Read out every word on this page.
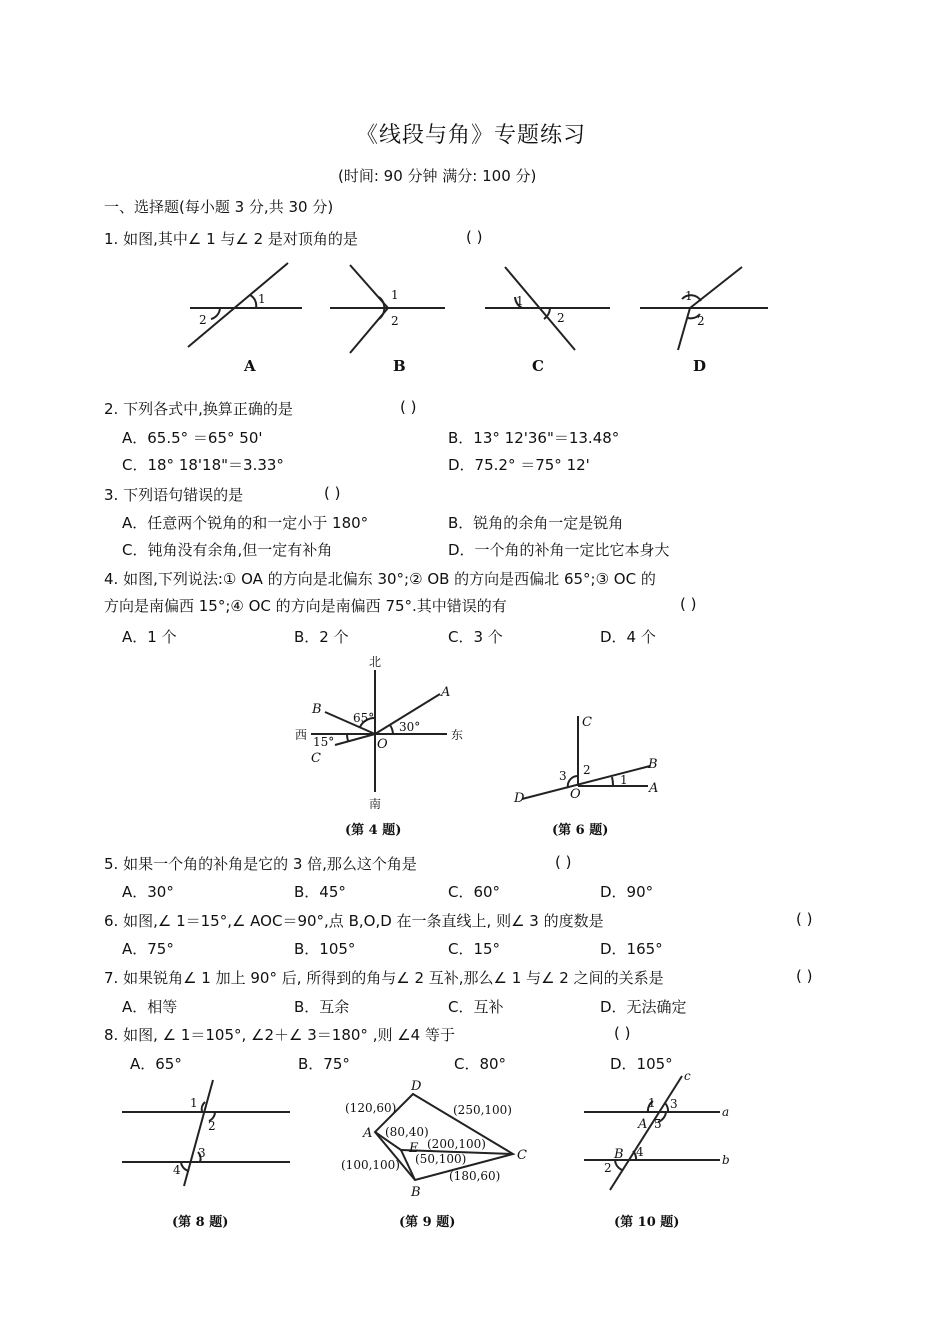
《线段与角》专题练习
(时间: 90 分钟 满分: 100 分)
一、选择题(每小题 3 分,共 30 分)
1. 如图,其中∠ 1 与∠ 2 是对顶角的是	( )
1
2
A
1
2
B
1
2
C
1
2
D
2. 下列各式中,换算正确的是	( )
A．65.5° ＝65° 50'	B．13° 12'36"＝13.48°
C．18° 18'18"＝3.33°	D．75.2° ＝75° 12'
3. 下列语句错误的是	( )
A．任意两个锐角的和一定小于 180°	B．锐角的余角一定是锐角
C．钝角没有余角,但一定有补角	D．一个角的补角一定比它本身大
4. 如图,下列说法:① OA 的方向是北偏东 30°;② OB 的方向是西偏北 65°;③ OC 的
方向是南偏西 15°;④ OC 的方向是南偏西 75°.其中错误的有	( )
A．1 个	B．2 个	C．3 个	D．4 个
北
南
东
西
A
B
C
O
65°
30°
15°
(第 4 题)
C
B
A
D	O
1
2
3
(第 6 题)
5. 如果一个角的补角是它的 3 倍,那么这个角是	( )
A．30°	B．45°	C．60°	D．90°
6. 如图,∠ 1＝15°,∠ AOC＝90°,点 B,O,D 在一条直线上, 则∠ 3 的度数是	( )
A．75°	B．105°	C．15°	D．165°
7. 如果锐角∠ 1 加上 90° 后, 所得到的角与∠ 2 互补,那么∠ 1 与∠ 2 之间的关系是	( )
A．相等	B．互余	C．互补	D．无法确定
8. 如图, ∠ 1＝105°, ∠2＋∠ 3＝180° ,则 ∠4 等于	( )
A．65°	B．75°	C．80°	D．105°
1
2
3
4
(第 8 题)
D
A
E
B
C
(120,60)	(250,100)
(80,40)
(200,100)
(100,100) (50,100)
(180,60)
(第 9 题)
c
a
b
A
B
1
2
3
4
5
(第 10 题)
